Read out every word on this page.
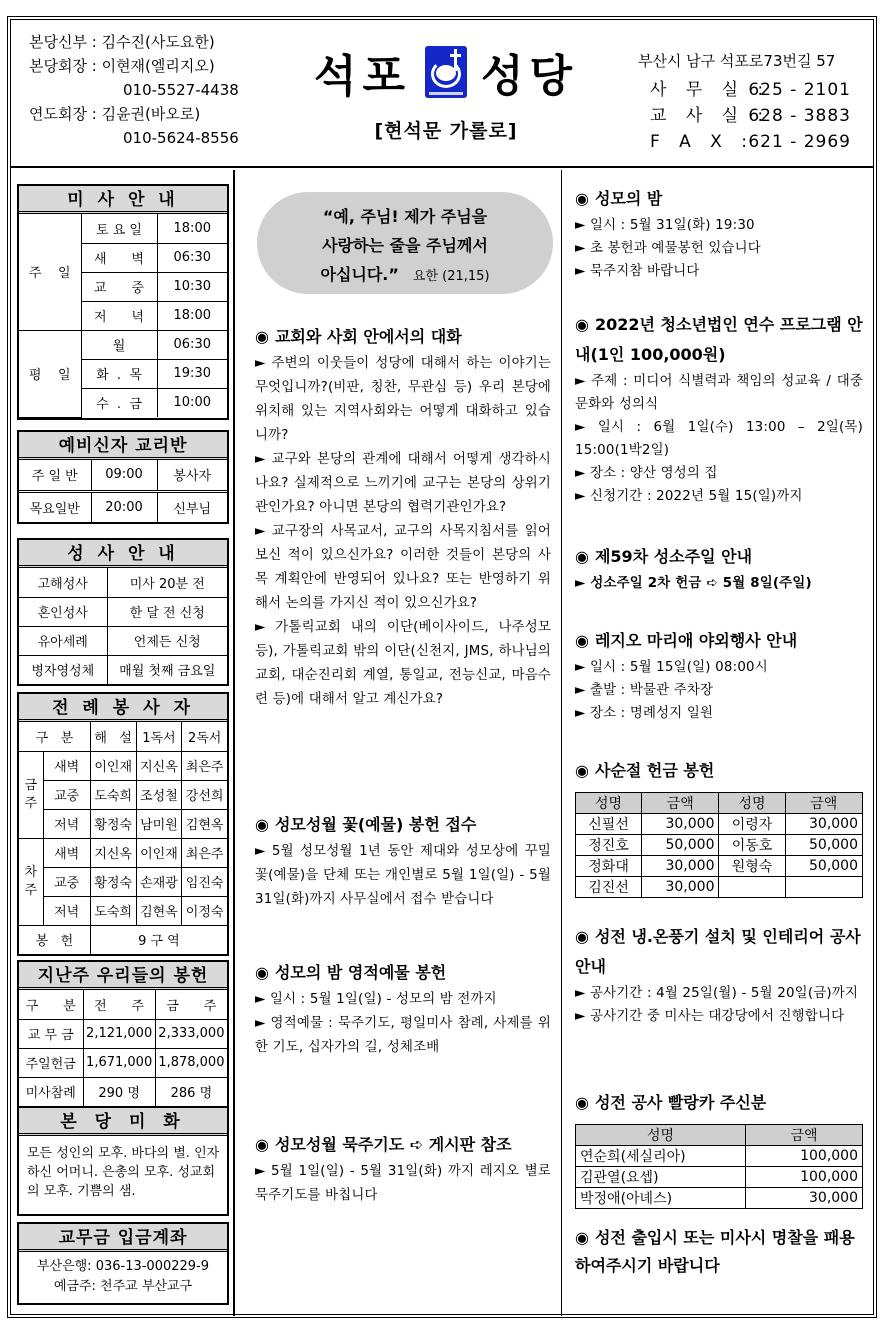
본당신부 : 김수진(사도요한)
본당회장 : 이현재(엘리지오)
010-5527-4438
연도회장 : 김윤권(바오로)
010-5624-8556
석포 성당
[현석문 가롤로]
부산시 남구 석포로73번길 57
사 무 실 : 625 - 2101
교 사 실 : 628 - 3883
F A X : 621 - 2969
미 사 안 내
주    일	토 요 일	18:00
	새      벽	06:30
	교      중	10:30
	저      녁	18:00
평    일	월	06:30
	화  .  목	19:30
	수  .  금	10:00
예비신자 교리반
주 일 반	09:00	봉사자
목요일반	20:00	신부님
성 사 안 내
고해성사	미사 20분 전
혼인성사	한 달 전 신청
유아세례	언제든 신청
병자영성체	매월 첫째 금요일
전 례 봉 사 자
구   분		해   설	1독서	2독서
금주	새벽	이인재	지신옥	최은주
	교중	도숙희	조성철	강선희
	저녁	황정숙	남미원	김현옥
차주	새벽	지신옥	이인재	최은주
	교중	황정숙	손재광	임진숙
	저녁	도숙희	김현옥	이정숙
봉   헌		9 구 역		
지난주 우리들의 봉헌
구      분	전      주	금      주
교 무 금	2,121,000	2,333,000
주일헌금	1,671,000	1,878,000
미사참례	290 명	286 명
본 당 미 화
모든 성인의 모후. 바다의 별. 인자하신 어머니. 은총의 모후. 성교회의 모후. 기쁨의 샘.
교무금 입금계좌
부산은행: 036-13-000229-9
예금주: 천주교 부산교구
“예, 주님! 제가 주님을
사랑하는 줄을 주님께서
아십니다.” 요한 (21,15)
◉ 교회와 사회 안에서의 대화
► 주변의 이웃들이 성당에 대해서 하는 이야기는 무엇입니까?(비판, 칭찬, 무관심 등) 우리 본당에 위치해 있는 지역사회와는 어떻게 대화하고 있습니까?
► 교구와 본당의 관계에 대해서 어떻게 생각하시나요? 실제적으로 느끼기에 교구는 본당의 상위기관인가요? 아니면 본당의 협력기관인가요?
► 교구장의 사목교서, 교구의 사목지침서를 읽어보신 적이 있으신가요? 이러한 것들이 본당의 사목 계획안에 반영되어 있나요? 또는 반영하기 위해서 논의를 가지신 적이 있으신가요?
► 가톨릭교회 내의 이단(베이사이드, 나주성모 등), 가톨릭교회 밖의 이단(신천지, JMS, 하나님의 교회, 대순진리회 계열, 통일교, 전능신교, 마음수련 등)에 대해서 알고 계신가요?
◉ 성모성월 꽃(예물) 봉헌 접수
► 5월 성모성월 1년 동안 제대와 성모상에 꾸밀 꽃(예물)을 단체 또는 개인별로 5월 1일(일) - 5월 31일(화)까지 사무실에서 접수 받습니다
◉ 성모의 밤 영적예물 봉헌
► 일시 : 5월 1일(일) - 성모의 밤 전까지
► 영적예물 : 묵주기도, 평일미사 참례, 사제를 위한 기도, 십자가의 길, 성체조배
◉ 성모성월 묵주기도 ➪ 게시판 참조
► 5월 1일(일) - 5월 31일(화) 까지 레지오 별로 묵주기도를 바칩니다
◉ 성모의 밤
► 일시 : 5월 31일(화) 19:30
► 초 봉헌과 예물봉헌 있습니다
► 묵주지참 바랍니다
◉ 2022년 청소년법인 연수 프로그램 안내(1인 100,000원)
► 주제 : 미디어 식별력과 책임의 성교육 / 대중문화와 성의식
► 일시 : 6월 1일(수) 13:00 – 2일(목) 15:00(1박2일)
► 장소 : 양산 영성의 집
► 신청기간 : 2022년 5월 15(일)까지
◉ 제59차 성소주일 안내
► 성소주일 2차 헌금 ➪ 5월 8일(주일)
◉ 레지오 마리애 야외행사 안내
► 일시 : 5월 15일(일) 08:00시
► 출발 : 박물관 주차장
► 장소 : 명례성지 일원
◉ 사순절 헌금 봉헌
성명	금액	성명	금액
신필선	30,000	이령자	30,000
정진호	50,000	이동호	50,000
정화대	30,000	원형숙	50,000
김진선	30,000		
◉ 성전 냉.온풍기 설치 및 인테리어 공사 안내
► 공사기간 : 4월 25일(월) - 5월 20일(금)까지
► 공사기간 중 미사는 대강당에서 진행합니다
◉ 성전 공사 빨랑카 주신분
성명	금액
연순희(세실리아)	100,000
김관열(요셉)	100,000
박정애(아녜스)	30,000
◉ 성전 출입시 또는 미사시 명찰을 패용하여주시기 바랍니다
